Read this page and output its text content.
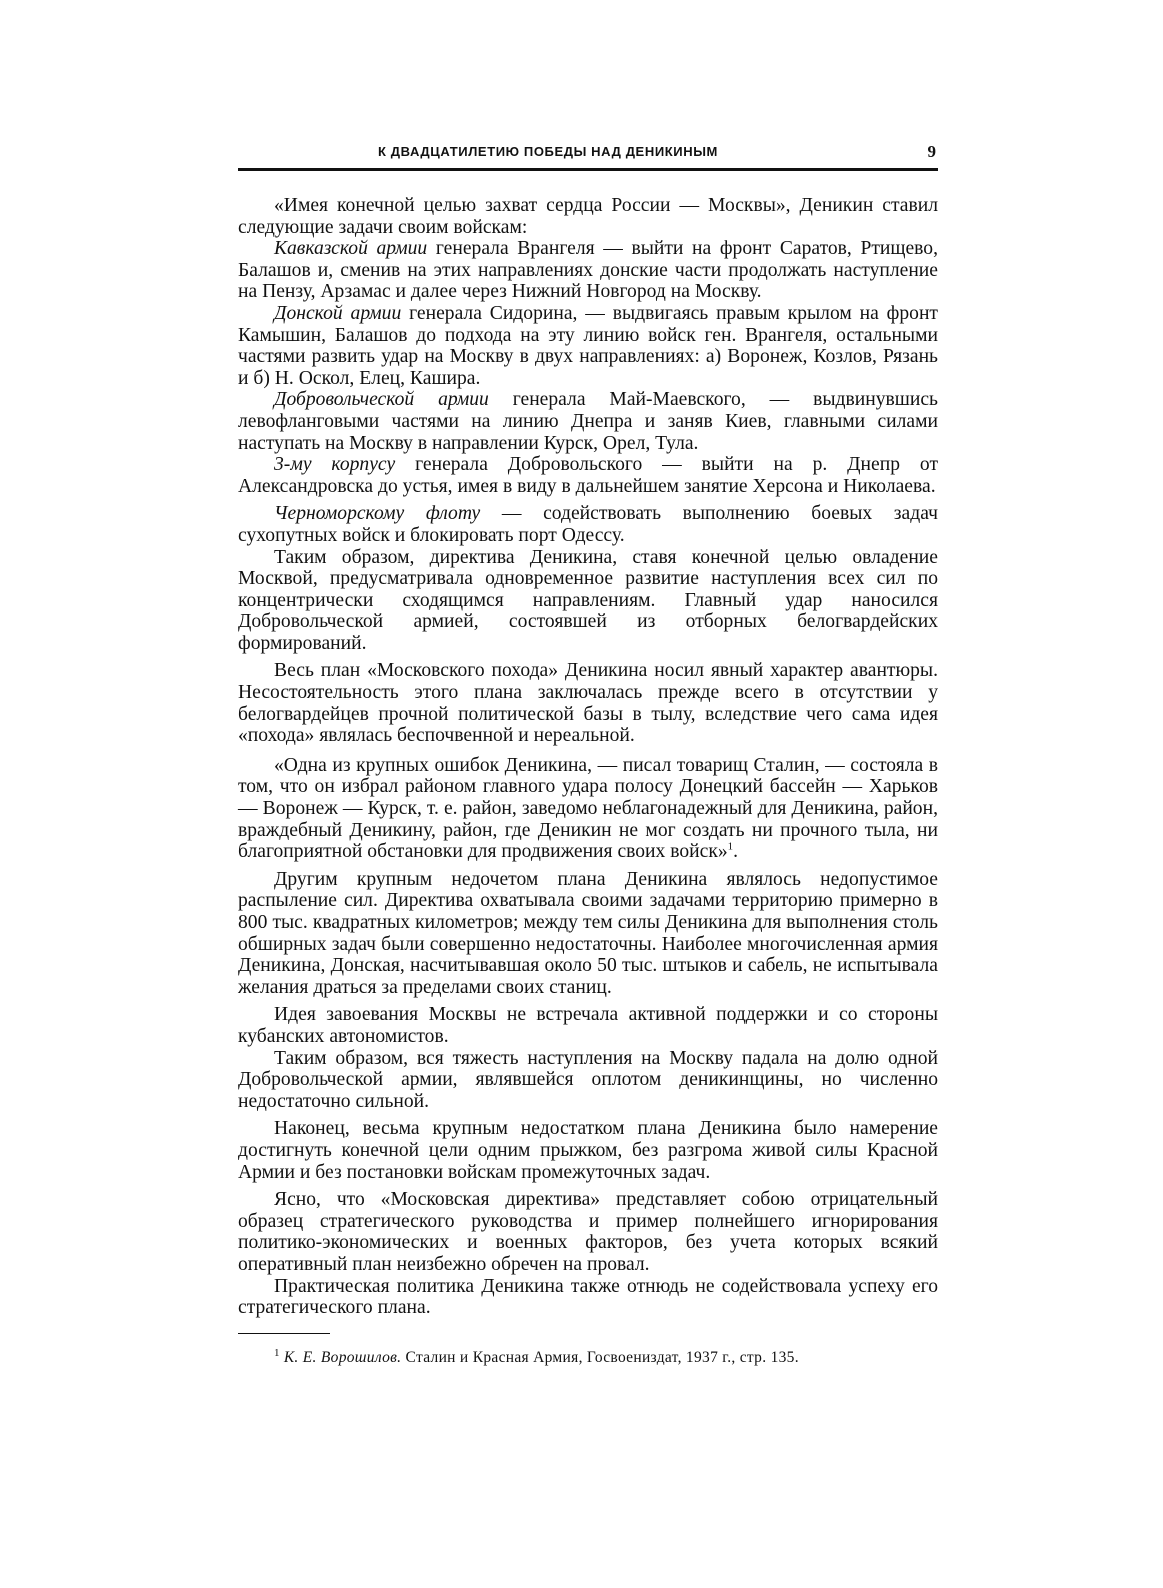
К ДВАДЦАТИЛЕТИЮ ПОБЕДЫ НАД ДЕНИКИНЫМ	9

«Имея конечной целью захват сердца России — Москвы», Деникин ставил следующие задачи своим войскам:

Кавказской армии генерала Врангеля — выйти на фронт Саратов, Ртищево, Балашов и, сменив на этих направлениях донские части продолжать наступление на Пензу, Арзамас и далее через Нижний Новгород на Москву.

Донской армии генерала Сидорина, — выдвигаясь правым крылом на фронт Камышин, Балашов до подхода на эту линию войск ген. Врангеля, остальными частями развить удар на Москву в двух направлениях: а) Воронеж, Козлов, Рязань и б) Н. Оскол, Елец, Кашира.

Добровольческой армии генерала Май-Маевского, — выдвинувшись левофланговыми частями на линию Днепра и заняв Киев, главными силами наступать на Москву в направлении Курск, Орел, Тула.

3-му корпусу генерала Добровольского — выйти на р. Днепр от Александровска до устья, имея в виду в дальнейшем занятие Херсона и Николаева.

Черноморскому флоту — содействовать выполнению боевых задач сухопутных войск и блокировать порт Одессу.

Таким образом, директива Деникина, ставя конечной целью овладение Москвой, предусматривала одновременное развитие наступления всех сил по концентрически сходящимся направлениям. Главный удар наносился Добровольческой армией, состоявшей из отборных белогвардейских формирований.

Весь план «Московского похода» Деникина носил явный характер авантюры. Несостоятельность этого плана заключалась прежде всего в отсутствии у белогвардейцев прочной политической базы в тылу, вследствие чего сама идея «похода» являлась беспочвенной и нереальной.

«Одна из крупных ошибок Деникина, — писал товарищ Сталин, — состояла в том, что он избрал районом главного удара полосу Донецкий бассейн — Харьков — Воронеж — Курск, т. е. район, заведомо неблагонадежный для Деникина, район, враждебный Деникину, район, где Деникин не мог создать ни прочного тыла, ни благоприятной обстановки для продвижения своих войск»$^1$.

Другим крупным недочетом плана Деникина являлось недопустимое распыление сил. Директива охватывала своими задачами территорию примерно в 800 тыс. квадратных километров; между тем силы Деникина для выполнения столь обширных задач были совершенно недостаточны. Наиболее многочисленная армия Деникина, Донская, насчитывавшая около 50 тыс. штыков и сабель, не испытывала желания драться за пределами своих станиц.

Идея завоевания Москвы не встречала активной поддержки и со стороны кубанских автономистов.

Таким образом, вся тяжесть наступления на Москву падала на долю одной Добровольческой армии, являвшейся оплотом деникинщины, но численно недостаточно сильной.

Наконец, весьма крупным недостатком плана Деникина было намерение достигнуть конечной цели одним прыжком, без разгрома живой силы Красной Армии и без постановки войскам промежуточных задач.

Ясно, что «Московская директива» представляет собою отрицательный образец стратегического руководства и пример полнейшего игнорирования политико-экономических и военных факторов, без учета которых всякий оперативный план неизбежно обречен на провал.

Практическая политика Деникина также отнюдь не содействовала успеху его стратегического плана.

$^1$ К. Е. Ворошилов. Сталин и Красная Армия, Госвоениздат, 1937 г., стр. 135.
